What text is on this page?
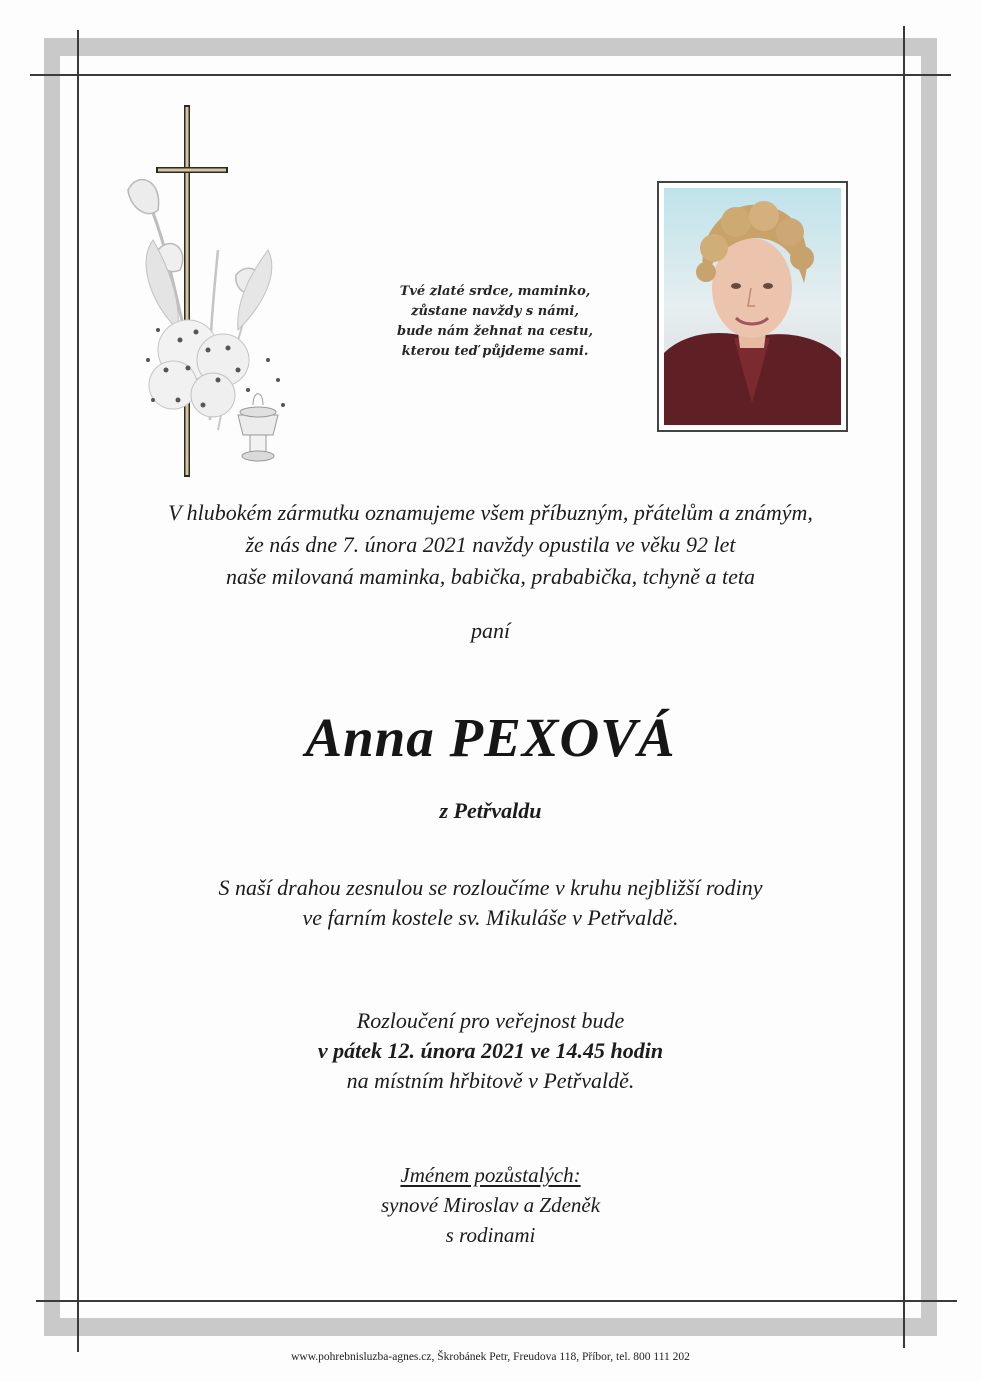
Tvé zlaté srdce, maminko,
zůstane navždy s námi,
bude nám žehnat na cestu,
kterou teď půjdeme sami.
V hlubokém zármutku oznamujeme všem příbuzným, přátelům a známým,
že nás dne 7. února 2021 navždy opustila ve věku 92 let
naše milovaná maminka, babička, prababička, tchyně a teta
paní
Anna PEXOVÁ
z Petřvaldu
S naší drahou zesnulou se rozloučíme v kruhu nejbližší rodiny
ve farním kostele sv. Mikuláše v Petřvaldě.
Rozloučení pro veřejnost bude
v pátek 12. února 2021 ve 14.45 hodin
na místním hřbitově v Petřvaldě.
Jménem pozůstalých:
synové Miroslav a Zdeněk
s rodinami
www.pohrebnisluzba-agnes.cz, Škrobánek Petr, Freudova 118, Příbor, tel. 800 111 202
